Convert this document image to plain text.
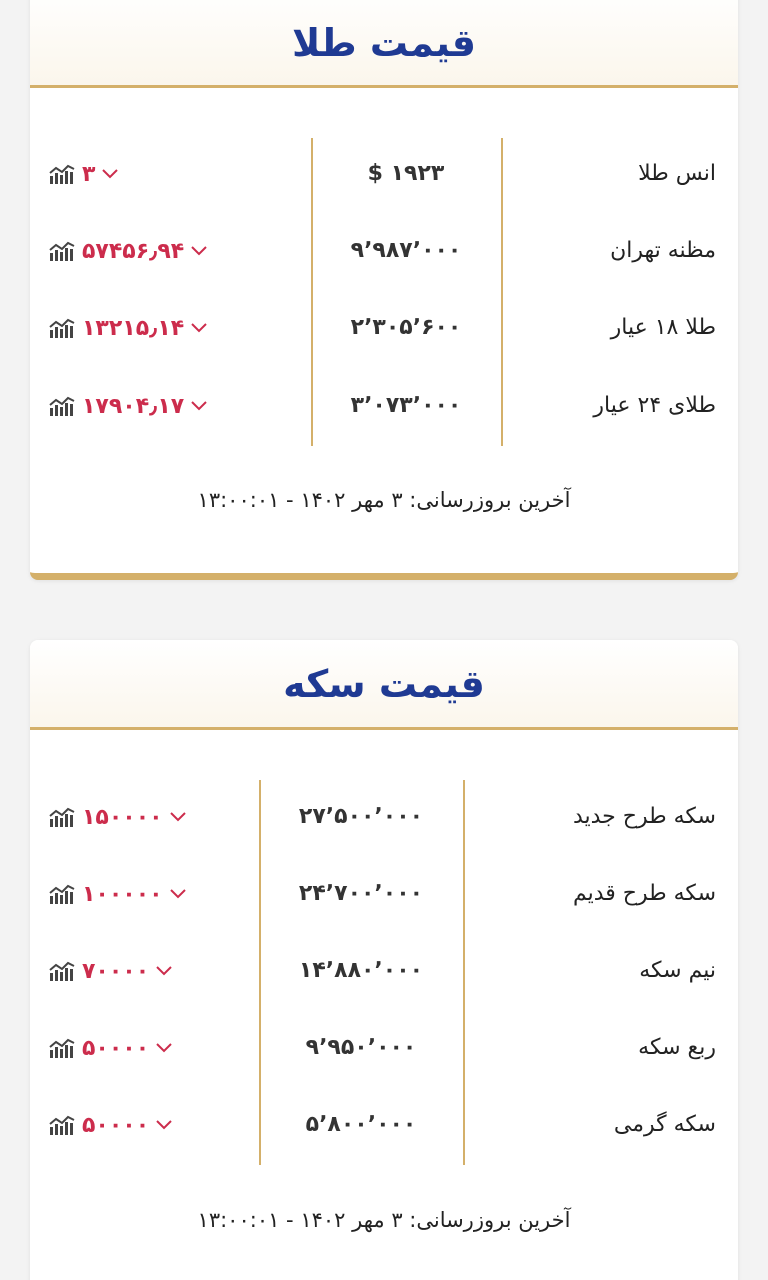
قیمت طلا
انس طلا
$ ۱۹۲۳
۳
مظنه تهران
۹٬۹۸۷٬۰۰۰
۵۷۴۵۶٫۹۴
طلا ۱۸ عیار
۲٬۳۰۵٬۶۰۰
۱۳۲۱۵٫۱۴
طلای ۲۴ عیار
۳٬۰۷۳٬۰۰۰
۱۷۹۰۴٫۱۷
آخرین بروزرسانی: ۳ مهر ۱۴۰۲ - ۱۳:۰۰:۰۱
قیمت سکه
سکه طرح جدید
۲۷٬۵۰۰٬۰۰۰
۱۵۰۰۰۰
سکه طرح قدیم
۲۴٬۷۰۰٬۰۰۰
۱۰۰۰۰۰
نیم سکه
۱۴٬۸۸۰٬۰۰۰
۷۰۰۰۰
ربع سکه
۹٬۹۵۰٬۰۰۰
۵۰۰۰۰
سکه گرمی
۵٬۸۰۰٬۰۰۰
۵۰۰۰۰
آخرین بروزرسانی: ۳ مهر ۱۴۰۲ - ۱۳:۰۰:۰۱
